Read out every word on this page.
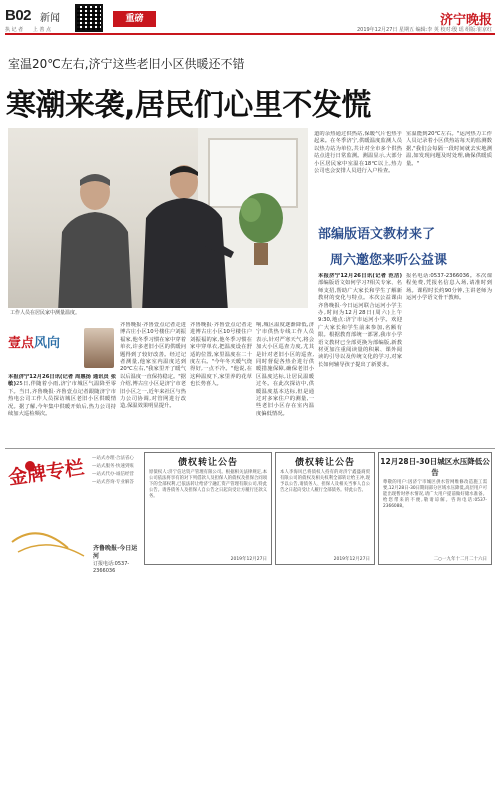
B02 新闻
执 记 者 上 善 点
重磅	济宁晚报
2019年12月27日 星期五 编辑:李 英 校对:殷 瑶 组版:崔京红
室温20℃左右,济宁这些老旧小区供暖还不错
寒潮来袭,居民们心里不发慌
工作人员在居民家中测量温度。
壹点风向
本报济宁12月26日讯(记者 周惠扬 通讯员 张敏)25日,伴随着小雨,济宁市城区气温降至零下。当日,齐鲁晚报·齐鲁壹点记者跟随济宁市热电公司工作人员探访城区老旧小区供暖情况。据了解,今年集中供暖开始后,热力公司持续加大巡检频次。
齐鲁晚报·齐鲁壹点记者走进博古庄小区10号楼住户刘振福家,他冬季习惯在家中穿着单衣,许多老旧小区的供暖问题得到了较好改善。经过记者测量,他家室内温度达到20℃左右,"我家里开了暖气以后温度一直保持稳定。"据介绍,博古庄小区是济宁市老旧小区之一,近年来社区与热力公司协调,对管网进行改造,保温效果明显提升。
齐鲁晚报·齐鲁壹点记者走进博古庄小区10号楼住户刘振福的家,他冬季习惯在家中穿单衣,把温度设在舒适的位置,家里温度在二十度左右。"今年冬天暖气烧得好,一点不冷。"他说,在这种温度下,家里养的花草也长势喜人。
响,城区温度逐渐降低,济宁市供热专线工作人员表示,针对严寒天气,将会加大小区巡查力度,尤其是针对老旧小区的巡查,同时督促各热企进行供暖措施保障,确保老旧小区温度达标,让居民温暖过冬。在此次探访中,供暖温度基本达标,但是通过对多家住户的测量,一些老旧小区存在室内温度偏低情况。
道的余热通过供热站,保暖气片也热乎起来。在冬季济宁,供暖温度监测人员以热力站为单位,共计对全市多个供热站点进行日常监测。测温显示,大部分小区居民家中室温在18℃以上,热力公司也会安排人员进行入户检查。
室温能到20℃左右。"运河热力工作人员记录着小区供热站每天的监测数据,"我们会每隔一段时间就去实地测温,如发现问题及时处理,确保供暖质量。"
部编版语文教材来了
周六邀您来听公益课
本报济宁12月26日讯(记者 范洁)部编版语文如何学习?相关专家、名师支招,帮助广大家长和学生了解新教材的变化与特点。本次公益课由齐鲁晚报·今日运河联合运河小学主办,时间为12月28日(周六)上午9:30,地点:济宁市运河小学。欢迎广大家长和学生前来参加,名额有限。根据教育部统一部署,我市小学语文教材已全部更换为部编版,新教材更加注重阅读量的积累、课外阅读的引导以及传统文化的学习,对家长如何辅导孩子提出了新要求。
报名电话:0537-2366036。本次课程免费,凭报名信息入场,请准时到场。课程时长约90分钟,主讲老师为运河小学语文骨干教师。
金牌专栏 —站式办理·合法省心
—站式服务·快速到账
—站式代办·诚信经营
—站式咨询·专业解答
齐鲁晚报·今日运河
订报电话:0537-2366036
债权转让公告
原债权人:济宁信达资产管理有限公司。根据相关法律规定,本公司依法将享有的对下列借款人及担保人的债权及担保合同项下的全部权利,已依法转让给济宁融汇资产管理有限公司,特此公告。请各债务人及担保人自公告之日起向受让方履行还款义务。
2019年12月27日
债权转让公告
本人李海风已将债权人持有的对济宁鑫盛商贸有限公司的债权及相关权利全部转让给王冲,现予以公告,请债务人、担保人及相关当事人自公告之日起向受让人履行全部债务。特此公告。
2019年12月27日
12月28日-30日城区水压降低公告
尊敬的用户:因济宁市城区供水管网维修改造施工需要,12月28日-30日期间部分区域水压降低,高层用户可能出现暂时停水情况,请广大用户提前做好储水准备。给您带来的不便,敬请谅解。咨询电话:0537-2366088。
二○一九年十二月二十六日
